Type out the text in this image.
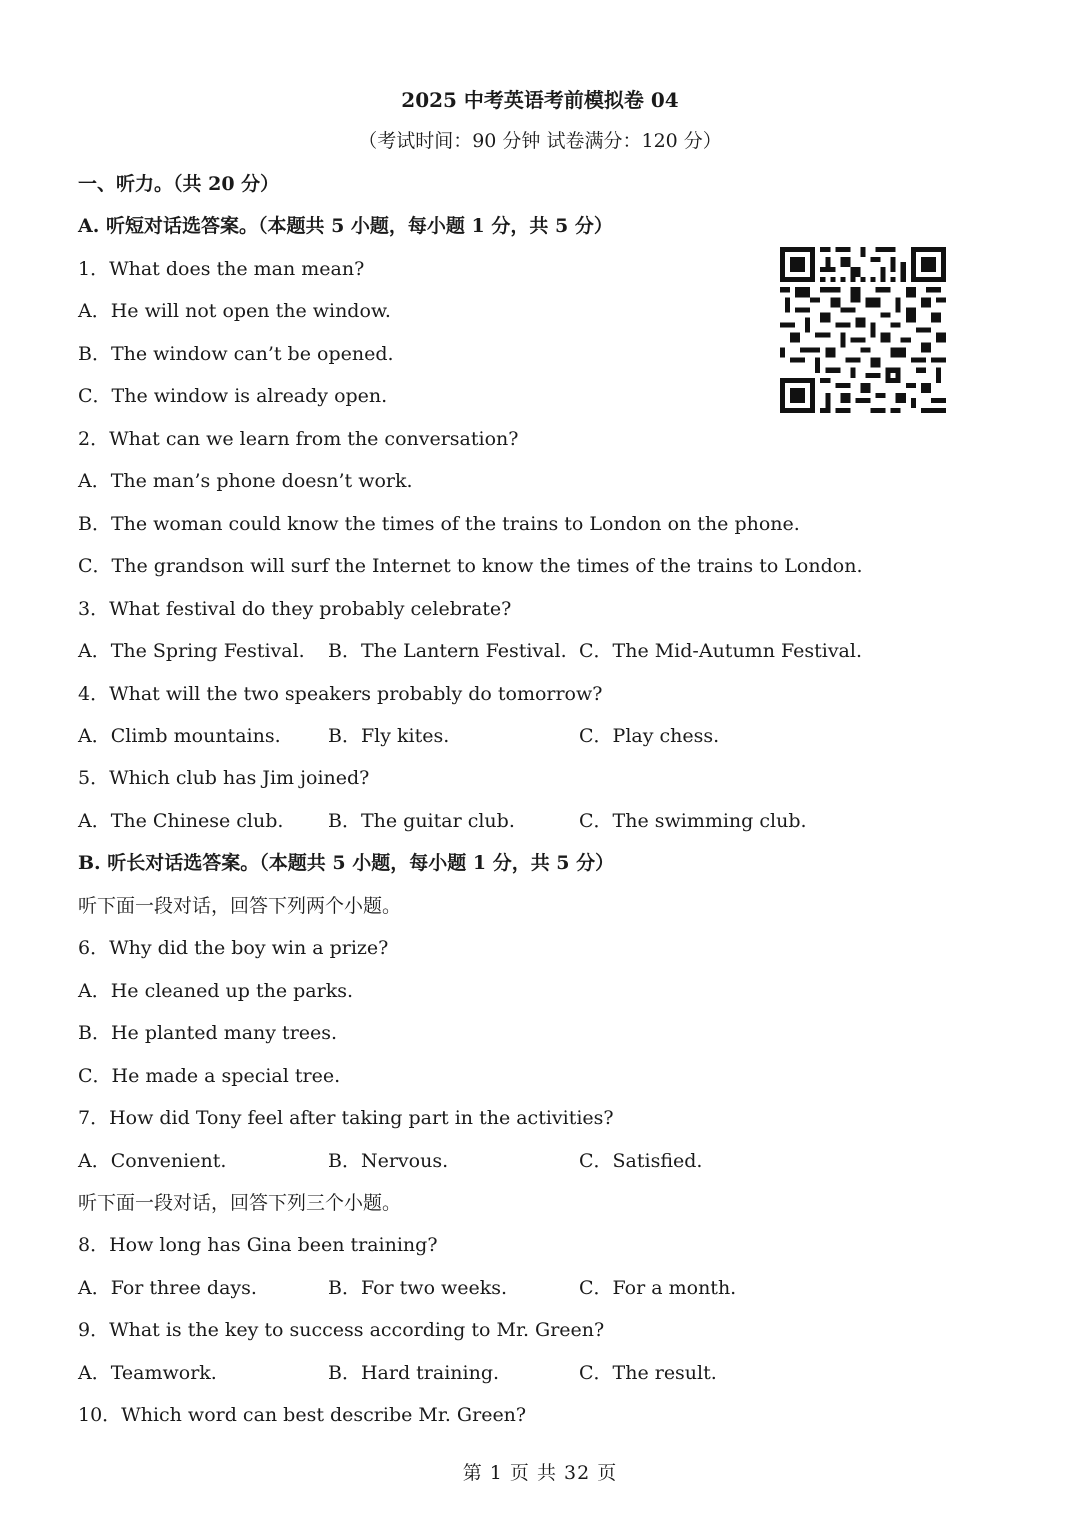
2025 中考英语考前模拟卷 04
（考试时间：90 分钟 试卷满分：120 分）
一、听力。（共 20 分）
A. 听短对话选答案。（本题共 5 小题，每小题 1 分，共 5 分）
1．What does the man mean?
A．He will not open the window.
B．The window can’t be opened.
C．The window is already open.
2．What can we learn from the conversation?
A．The man’s phone doesn’t work.
B．The woman could know the times of the trains to London on the phone.
C．The grandson will surf the Internet to know the times of the trains to London.
3．What festival do they probably celebrate?
A．The Spring Festival. B．The Lantern Festival. C．The Mid-Autumn Festival.
4．What will the two speakers probably do tomorrow?
A．Climb mountains. B．Fly kites.	C．Play chess.
5．Which club has Jim joined?
A．The Chinese club. B．The guitar club.	C．The swimming club.
B. 听长对话选答案。（本题共 5 小题，每小题 1 分，共 5 分）
听下面一段对话，回答下列两个小题。
6．Why did the boy win a prize?
A．He cleaned up the parks.
B．He planted many trees.
C．He made a special tree.
7．How did Tony feel after taking part in the activities?
A．Convenient.	B．Nervous.	C．Satisfied.
听下面一段对话，回答下列三个小题。
8．How long has Gina been training?
A．For three days.	B．For two weeks.	C．For a month.
9．What is the key to success according to Mr. Green?
A．Teamwork.	B．Hard training.	C．The result.
10．Which word can best describe Mr. Green?
第 1 页 共 32 页
